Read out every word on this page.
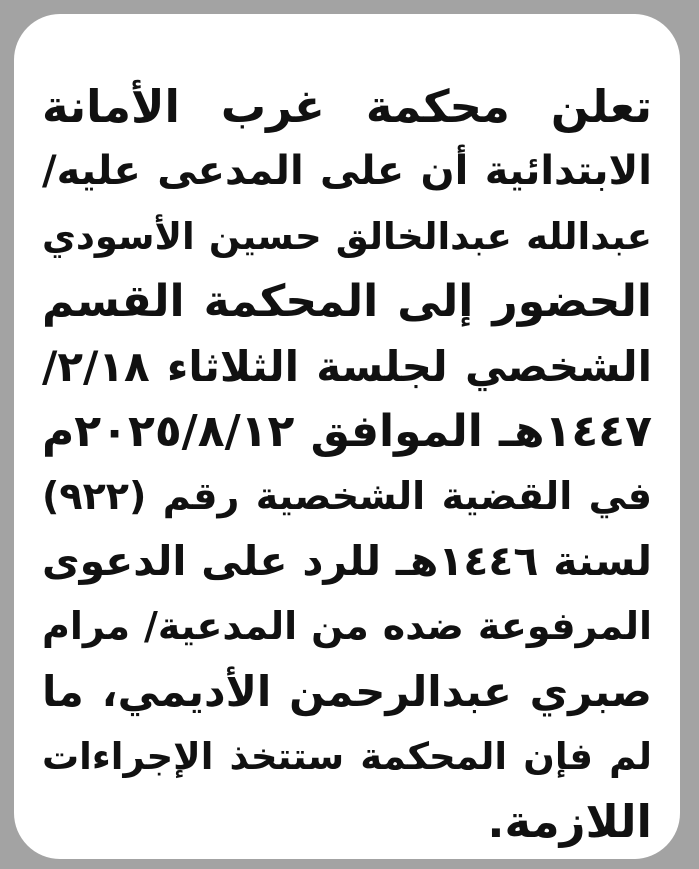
تعلن محكمة غرب الأمانة
الابتدائية أن على المدعى عليه/
عبدالله عبدالخالق حسين الأسودي
الحضور إلى المحكمة القسم
الشخصي لجلسة الثلاثاء ٢/١٨/
١٤٤٧هـ الموافق ٢٠٢٥/٨/١٢م
في القضية الشخصية رقم (٩٢٢)
لسنة ١٤٤٦هـ للرد على الدعوى
المرفوعة ضده من المدعية/ مرام
صبري عبدالرحمن الأديمي، ما
لم فإن المحكمة ستتخذ الإجراءات
اللازمة.
